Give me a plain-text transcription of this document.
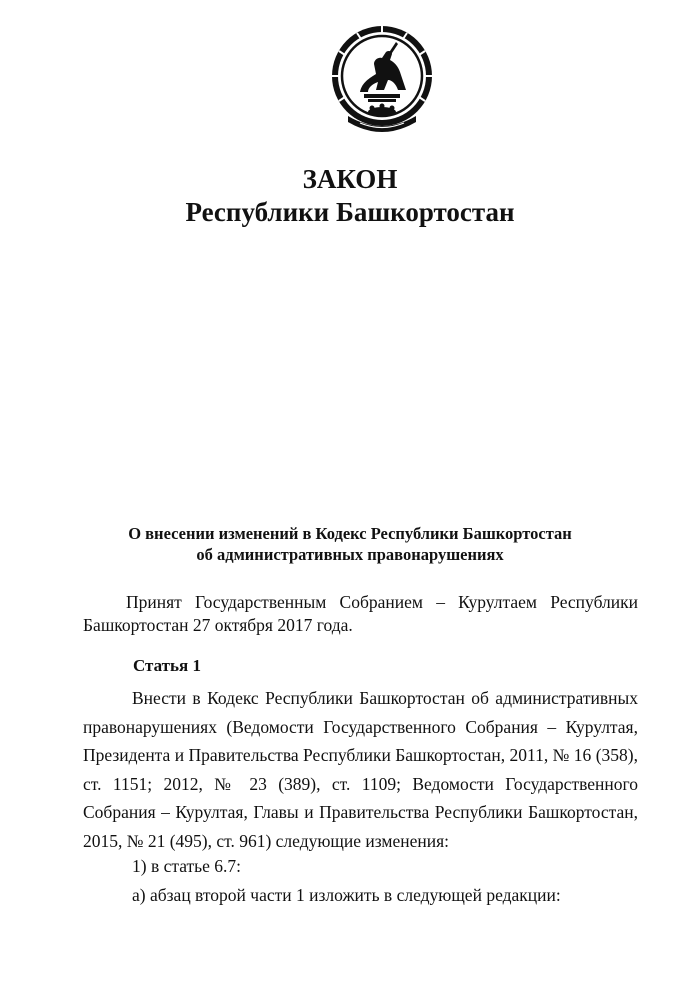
ЗАКОН
Республики Башкортостан

О внесении изменений в Кодекс Республики Башкортостан
об административных правонарушениях

Принят Государственным Собранием – Курултаем Республики Башкортостан 27 октября 2017 года.

Статья 1

Внести в Кодекс Республики Башкортостан об административных правонарушениях (Ведомости Государственного Собрания – Курултая, Президента и Правительства Республики Башкортостан, 2011, № 16 (358), ст. 1151; 2012, № 23 (389), ст. 1109; Ведомости Государственного Собрания – Курултая, Главы и Правительства Республики Башкортостан, 2015, № 21 (495), ст. 961) следующие изменения:

1) в статье 6.7:

а) абзац второй части 1 изложить в следующей редакции:
